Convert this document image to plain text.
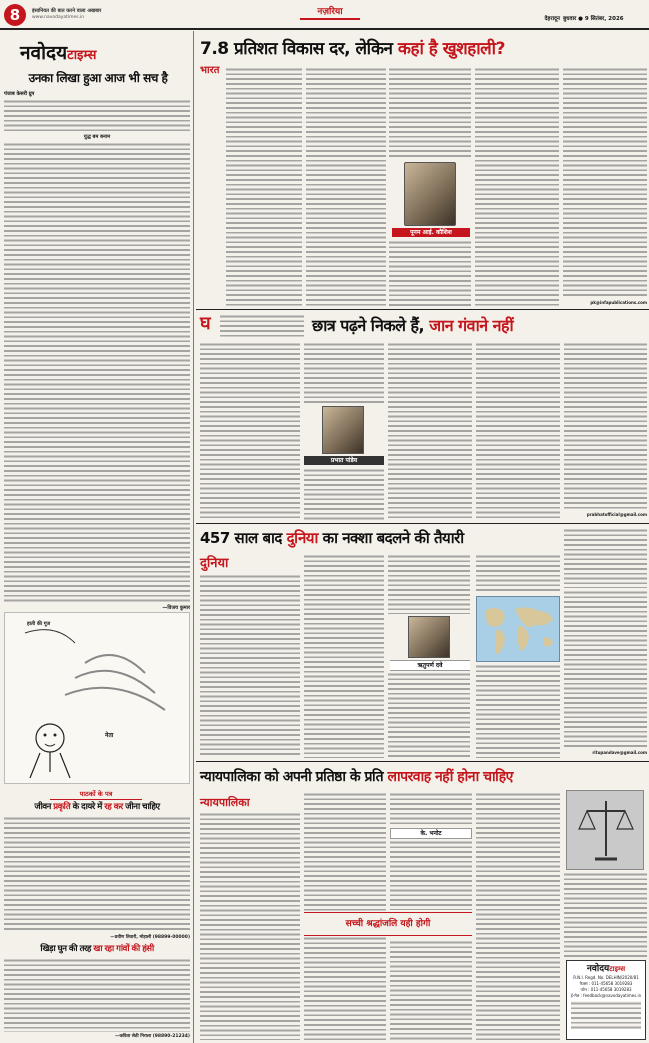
8	इंसानियत की बात करने वाला अखबार
www.navodayatimes.in
नज़रिया
देहरादून बुधवार ● 9 सितंबर, 2026
नवोदयटाइम्स
उनका लिखा हुआ आज भी सच है
पंजाब केसरी ग्रुप
युद्ध बम बनाम
—विजय कुमार
हाती की गूज
नेता
पाठकों के पत्र
जीवन प्रकृति के दायरे में रह कर जीना चाहिए
—प्रवीण तिवारी, मोहाली (98899-00000)
खिड़ा घुन की तरह खा रहा गांवों की हंसी
—कविता सेठी निराला (98890-21234)
7.8 प्रतिशत विकास दर, लेकिन कहां है खुशहाली?
भारत
पूनम आई. कौशिश
pk@infapublications.com
घ	छात्र पढ़ने निकले हैं, जान गंवाने नहीं
प्रभात पांडेय
prabhatofficial@gmail.com
457 साल बाद दुनिया का नक्शा बदलने की तैयारी
दुनिया
ऋतुपर्ण दवे
ritupandave@gmail.com
न्यायपालिका को अपनी प्रतिष्ठा के प्रति लापरवाह नहीं होना चाहिए
न्यायपालिका
के. भनोट
सच्ची श्रद्धांजलि यही होगी
नवोदयटाइम्स
R.N.I. Regd. No. DELHIN/2020/81
फैक्स : 011-45658 3019283
फोन : 011-45658 3019283
ई-मेल : feedback@navodayatimes.in
